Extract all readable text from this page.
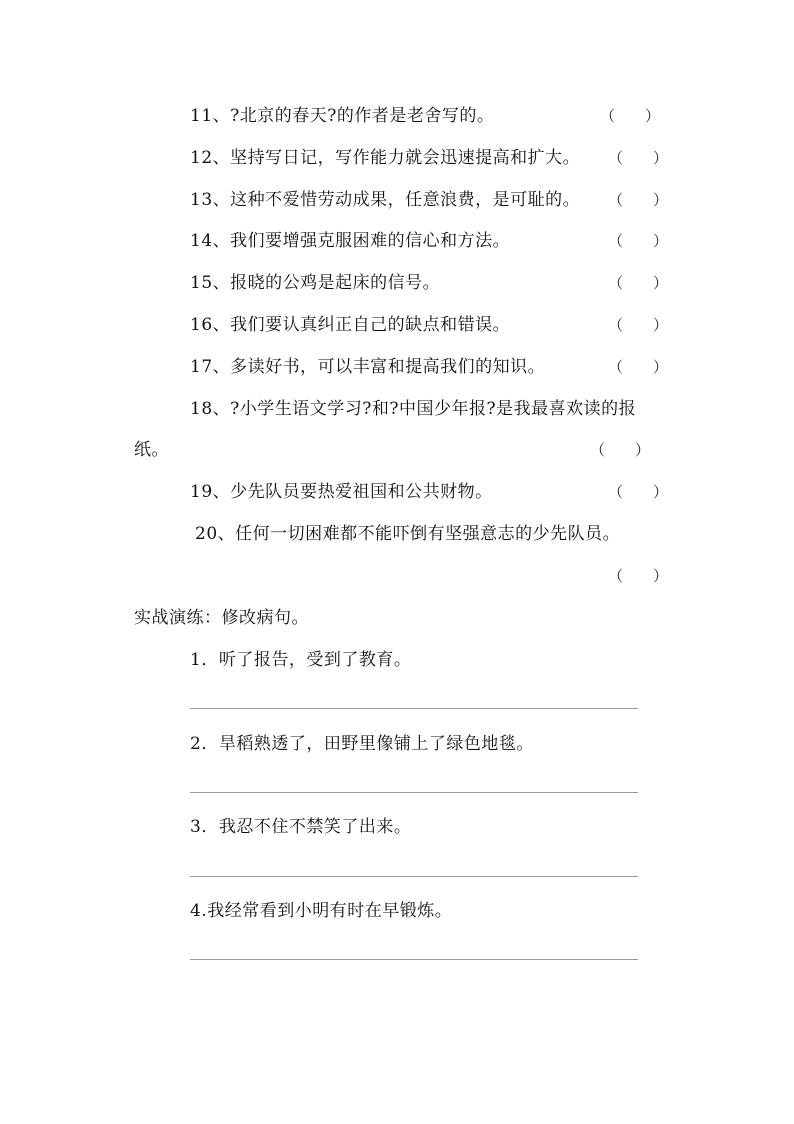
11、?北京的春天?的作者是老舍写的。	（　　）
12、坚持写日记，写作能力就会迅速提高和扩大。 （　　）
13、这种不爱惜劳动成果，任意浪费，是可耻的。 （　　）
14、我们要增强克服困难的信心和方法。	（　　）
15、报晓的公鸡是起床的信号。	（　　）
16、我们要认真纠正自己的缺点和错误。	（　　）
17、多读好书，可以丰富和提高我们的知识。	（　　）
18、?小学生语文学习?和?中国少年报?是我最喜欢读的报
纸。	（　　）
19、少先队员要热爱祖国和公共财物。	（　　）
20、任何一切困难都不能吓倒有坚强意志的少先队员。
（　　）
实战演练：修改病句。
1．听了报告，受到了教育。
2．旱稻熟透了，田野里像铺上了绿色地毯。
3．我忍不住不禁笑了出来。
4.我经常看到小明有时在早锻炼。
